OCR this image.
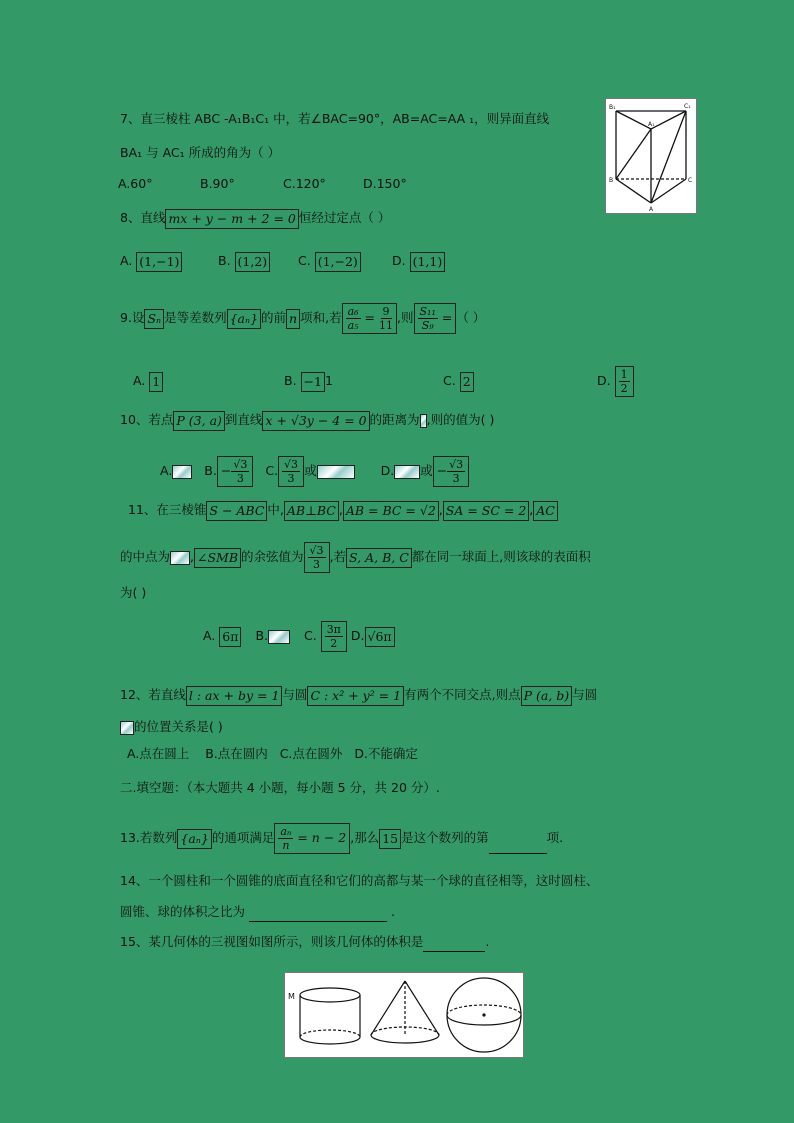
7、直三棱柱 ABC -A₁B₁C₁ 中，若∠BAC=90°，AB=AC=AA ₁，则异面直线
BA₁ 与 AC₁ 所成的角为（ ）
A.60°	B.90°	C.120°	D.150°
B₁	C₁
A₁
B	C
A
8、直线 mx + y − m + 2 = 0 恒经过定点（ ）
A. (1,−1)	B. (1,2) C. (1,−2)	D. (1,1)
9.设 Sₙ 是等差数列 {aₙ} 的前 n 项和,若 $\frac{\text{a₆}}{\text{a₅}} = \frac{9}{11}$ ,则 $\frac{\text{S₁₁}}{\text{S₉}}$ = （ ）
A. 1	B. −1 1	C. 2	D. $\frac{1}{2}$
10、若点 P (3, a) 到直线 x + √3y − 4 = 0 的距离为 ,则的值为( )
A.	B. − $\frac{√3}{3} C$. $\frac{√3}{3}$ 或	D. 或 − $\frac{√3}{3}$
11、在三棱锥 S − ABC 中, AB⊥BC , AB = BC = √2 , SA = SC = 2 , AC
的中点为 , ∠SMB 的余弦值为 $\frac{√3}{3}$ ,若 S, A, B, C 都在同一球面上,则该球的表面积
为( )
A. 6π B.	C. $\frac{3\pi}{2} D$. √6π
12、若直线 l : ax + by = 1 与圆 C : x² + y² = 1 有两个不同交点,则点 P (a, b) 与圆
的位置关系是( )
A.点在圆上 B.点在圆内 C.点在圆外 D.不能确定
二.填空题：（本大题共 4 小题，每小题 5 分，共 20 分）.
13.若数列 {aₙ} 的通项满足 $\frac{\text{aₙ}}{n} = n - 2$ ,那么 15 是这个数列的第	项.
14、一个圆柱和一个圆锥的底面直径和它们的高都与某一个球的直径相等，这时圆柱、
圆锥、球的体积之比为	.
15、某几何体的三视图如图所示，则该几何体的体积是	.
M
